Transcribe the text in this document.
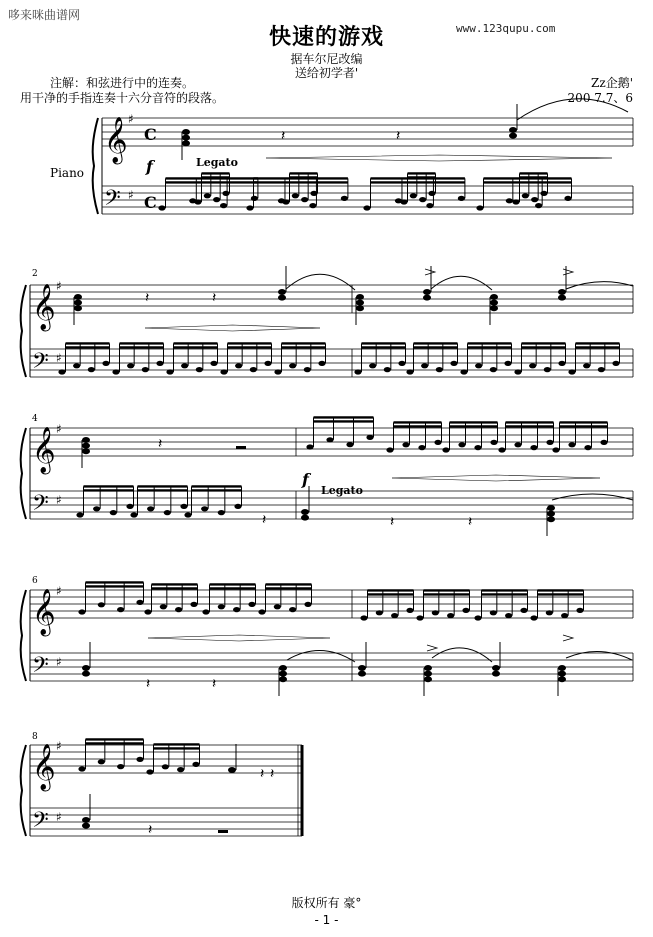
哆来咪曲谱网
www.123qupu.com
快速的游戏
据车尔尼改编
送给初学者'
注解：和弦进行中的连奏。
用干净的手指连奏十六分音符的段落。
Zz企鹅'
200 7.7、6
版权所有 豪°
- 1 -
𝄞 ♯
C
𝄢 ♯ C
𝄞 ♯
𝄢 ♯
𝄞 ♯
𝄢 ♯
𝄞 ♯
𝄢 ♯
𝄞 ♯
𝄢 ♯
𝄽	𝄽
𝄽	𝄽
𝄽
𝄽	𝄽	𝄽
𝄽	𝄽
𝄽 𝄽
𝄽
Piano	f	Legato
f
Legato
2
4
6
8
